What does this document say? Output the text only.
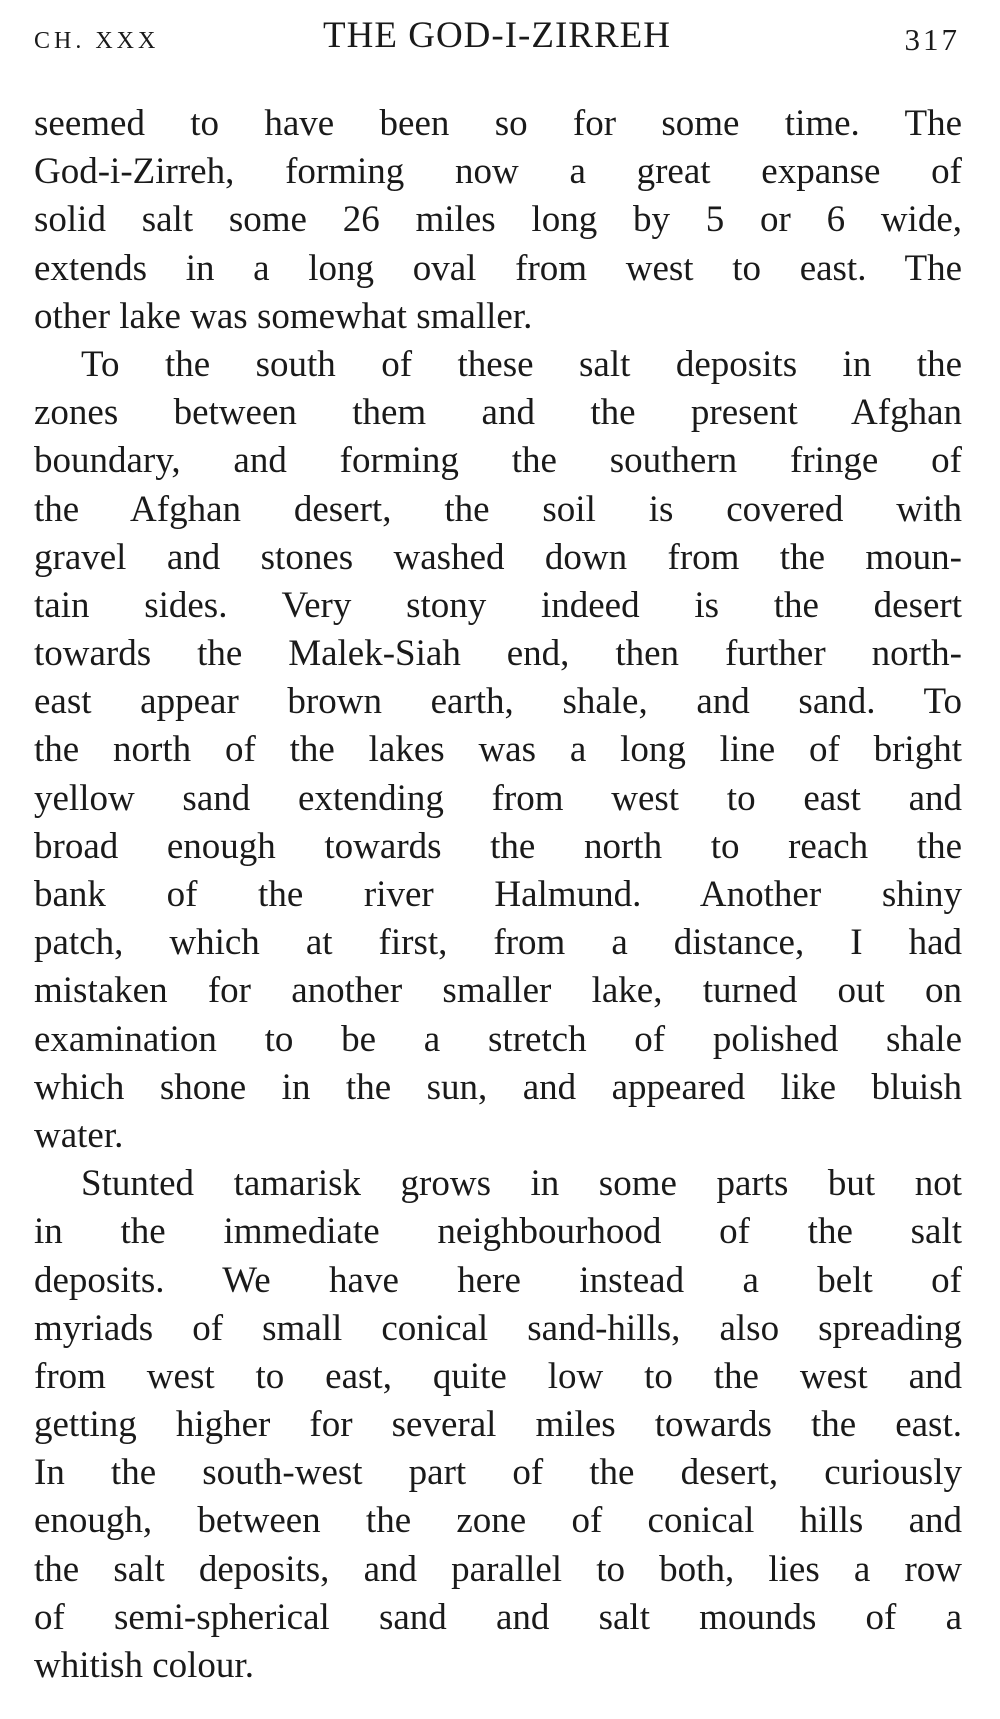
CH. XXX	THE GOD-I-ZIRREH	317
seemed to have been so for some time. The
God-i-Zirreh, forming now a great expanse of
solid salt some 26 miles long by 5 or 6 wide,
extends in a long oval from west to east. The
other lake was somewhat smaller.
To the south of these salt deposits in the
zones between them and the present Afghan
boundary, and forming the southern fringe of
the Afghan desert, the soil is covered with
gravel and stones washed down from the moun-
tain sides. Very stony indeed is the desert
towards the Malek-Siah end, then further north-
east appear brown earth, shale, and sand. To
the north of the lakes was a long line of bright
yellow sand extending from west to east and
broad enough towards the north to reach the
bank of the river Halmund. Another shiny
patch, which at first, from a distance, I had
mistaken for another smaller lake, turned out on
examination to be a stretch of polished shale
which shone in the sun, and appeared like bluish
water.
Stunted tamarisk grows in some parts but not
in the immediate neighbourhood of the salt
deposits. We have here instead a belt of
myriads of small conical sand-hills, also spreading
from west to east, quite low to the west and
getting higher for several miles towards the east.
In the south-west part of the desert, curiously
enough, between the zone of conical hills and
the salt deposits, and parallel to both, lies a row
of semi-spherical sand and salt mounds of a
whitish colour.
